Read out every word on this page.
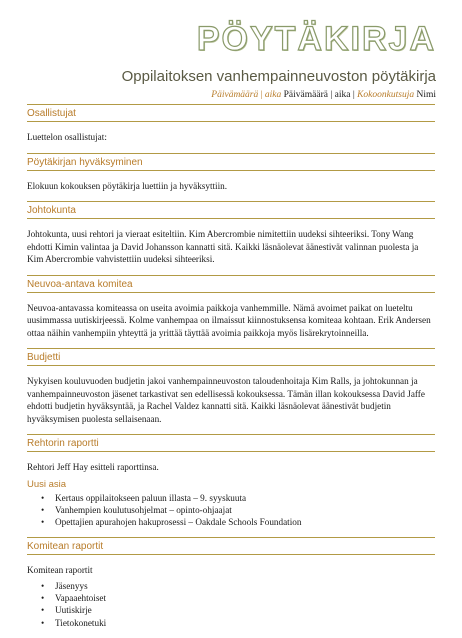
PÖYTÄKIRJA
Oppilaitoksen vanhempainneuvoston pöytäkirja
Päivämäärä | aika Päivämäärä | aika | Kokoonkutsuja Nimi
Osallistujat

Luettelon osallistujat:

Pöytäkirjan hyväksyminen

Elokuun kokouksen pöytäkirja luettiin ja hyväksyttiin.

Johtokunta

Johtokunta, uusi rehtori ja vieraat esiteltiin. Kim Abercrombie nimitettiin uudeksi sihteeriksi. Tony Wang ehdotti Kimin valintaa ja David Johansson kannatti sitä. Kaikki läsnäolevat äänestivät valinnan puolesta ja Kim Abercrombie vahvistettiin uudeksi sihteeriksi.

Neuvoa-antava komitea

Neuvoa-antavassa komiteassa on useita avoimia paikkoja vanhemmille. Nämä avoimet paikat on lueteltu uusimmassa uutiskirjeessä. Kolme vanhempaa on ilmaissut kiinnostuksensa komiteaa kohtaan. Erik Andersen ottaa näihin vanhempiin yhteyttä ja yrittää täyttää avoimia paikkoja myös lisärekrytoinneilla.

Budjetti

Nykyisen kouluvuoden budjetin jakoi vanhempainneuvoston taloudenhoitaja Kim Ralls, ja johtokunnan ja vanhempainneuvoston jäsenet tarkastivat sen edellisessä kokouksessa. Tämän illan kokouksessa David Jaffe ehdotti budjetin hyväksyntää, ja Rachel Valdez kannatti sitä. Kaikki läsnäolevat äänestivät budjetin hyväksymisen puolesta sellaisenaan.

Rehtorin raportti

Rehtori Jeff Hay esitteli raporttinsa.

Uusi asia
• Kertaus oppilaitokseen paluun illasta – 9. syyskuuta
• Vanhempien koulutusohjelmat – opinto-ohjaajat
• Opettajien apurahojen hakuprosessi – Oakdale Schools Foundation
Komitean raportit

Komitean raportit

• Jäsenyys
• Vapaaehtoiset
• Uutiskirje
• Tietokonetuki
